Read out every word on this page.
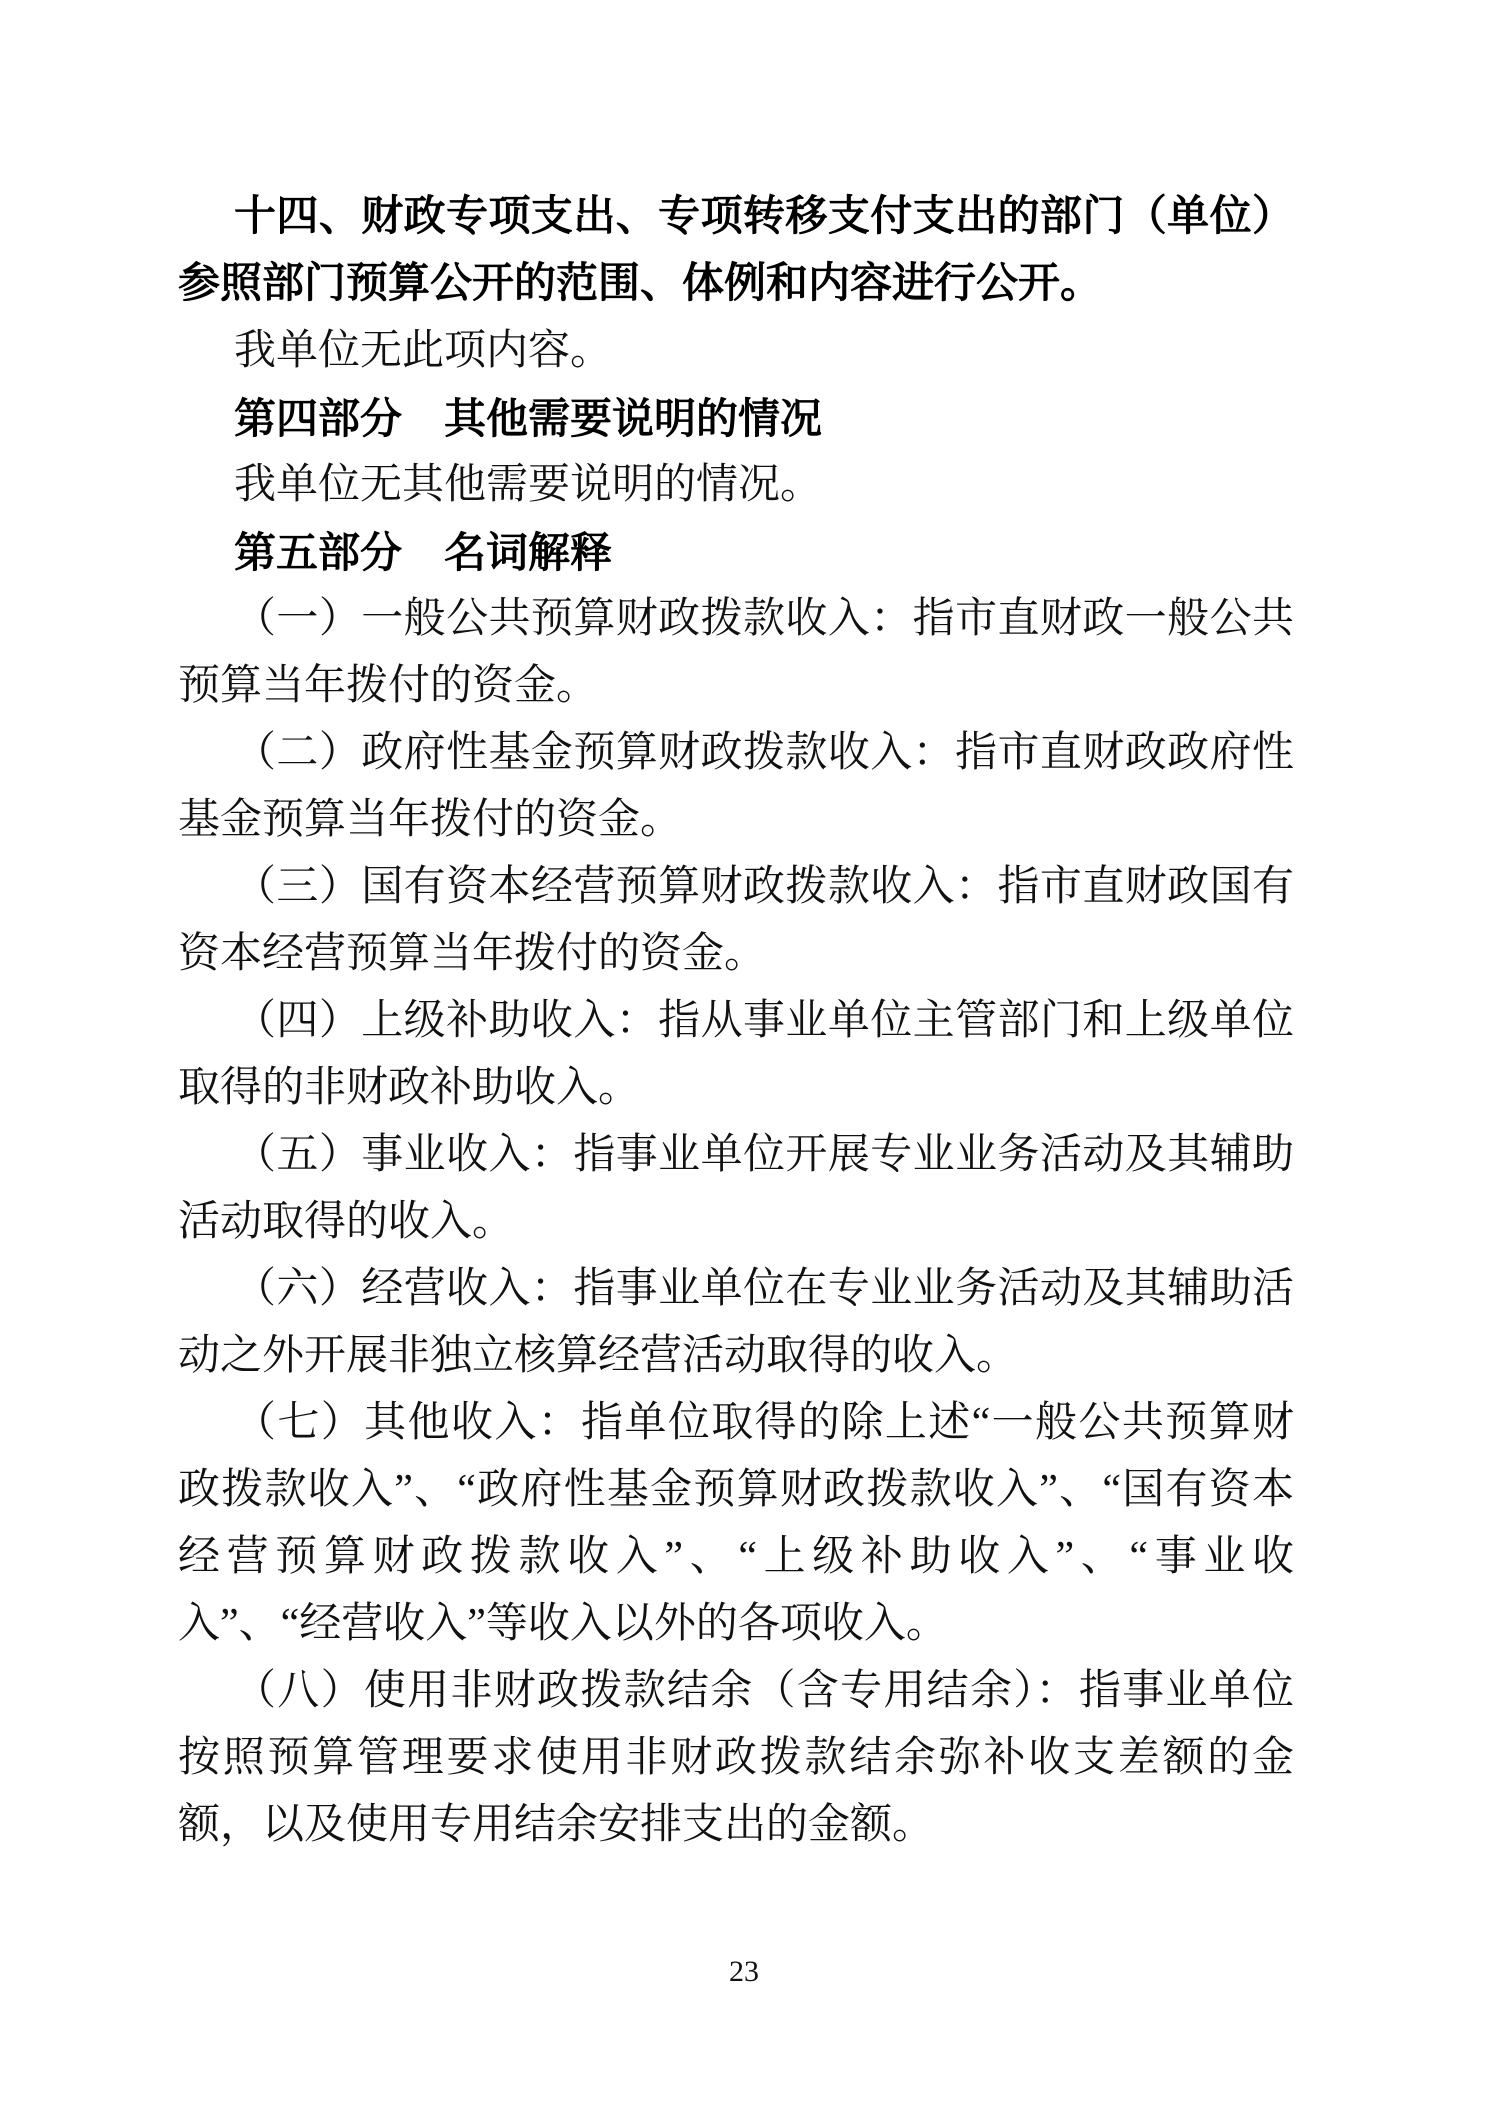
十四、财政专项支出、专项转移支付支出的部门（单位）参照部门预算公开的范围、体例和内容进行公开。

我单位无此项内容。

第四部分　其他需要说明的情况

我单位无其他需要说明的情况。

第五部分　名词解释

（一）一般公共预算财政拨款收入：指市直财政一般公共预算当年拨付的资金。

（二）政府性基金预算财政拨款收入：指市直财政政府性基金预算当年拨付的资金。

（三）国有资本经营预算财政拨款收入：指市直财政国有资本经营预算当年拨付的资金。

（四）上级补助收入：指从事业单位主管部门和上级单位取得的非财政补助收入。

（五）事业收入：指事业单位开展专业业务活动及其辅助活动取得的收入。

（六）经营收入：指事业单位在专业业务活动及其辅助活动之外开展非独立核算经营活动取得的收入。

（七）其他收入：指单位取得的除上述“一般公共预算财政拨款收入”、“政府性基金预算财政拨款收入”、“国有资本经营预算财政拨款收入”、“上级补助收入”、“事业收入”、“经营收入”等收入以外的各项收入。

（八）使用非财政拨款结余（含专用结余）：指事业单位按照预算管理要求使用非财政拨款结余弥补收支差额的金额，以及使用专用结余安排支出的金额。

23
